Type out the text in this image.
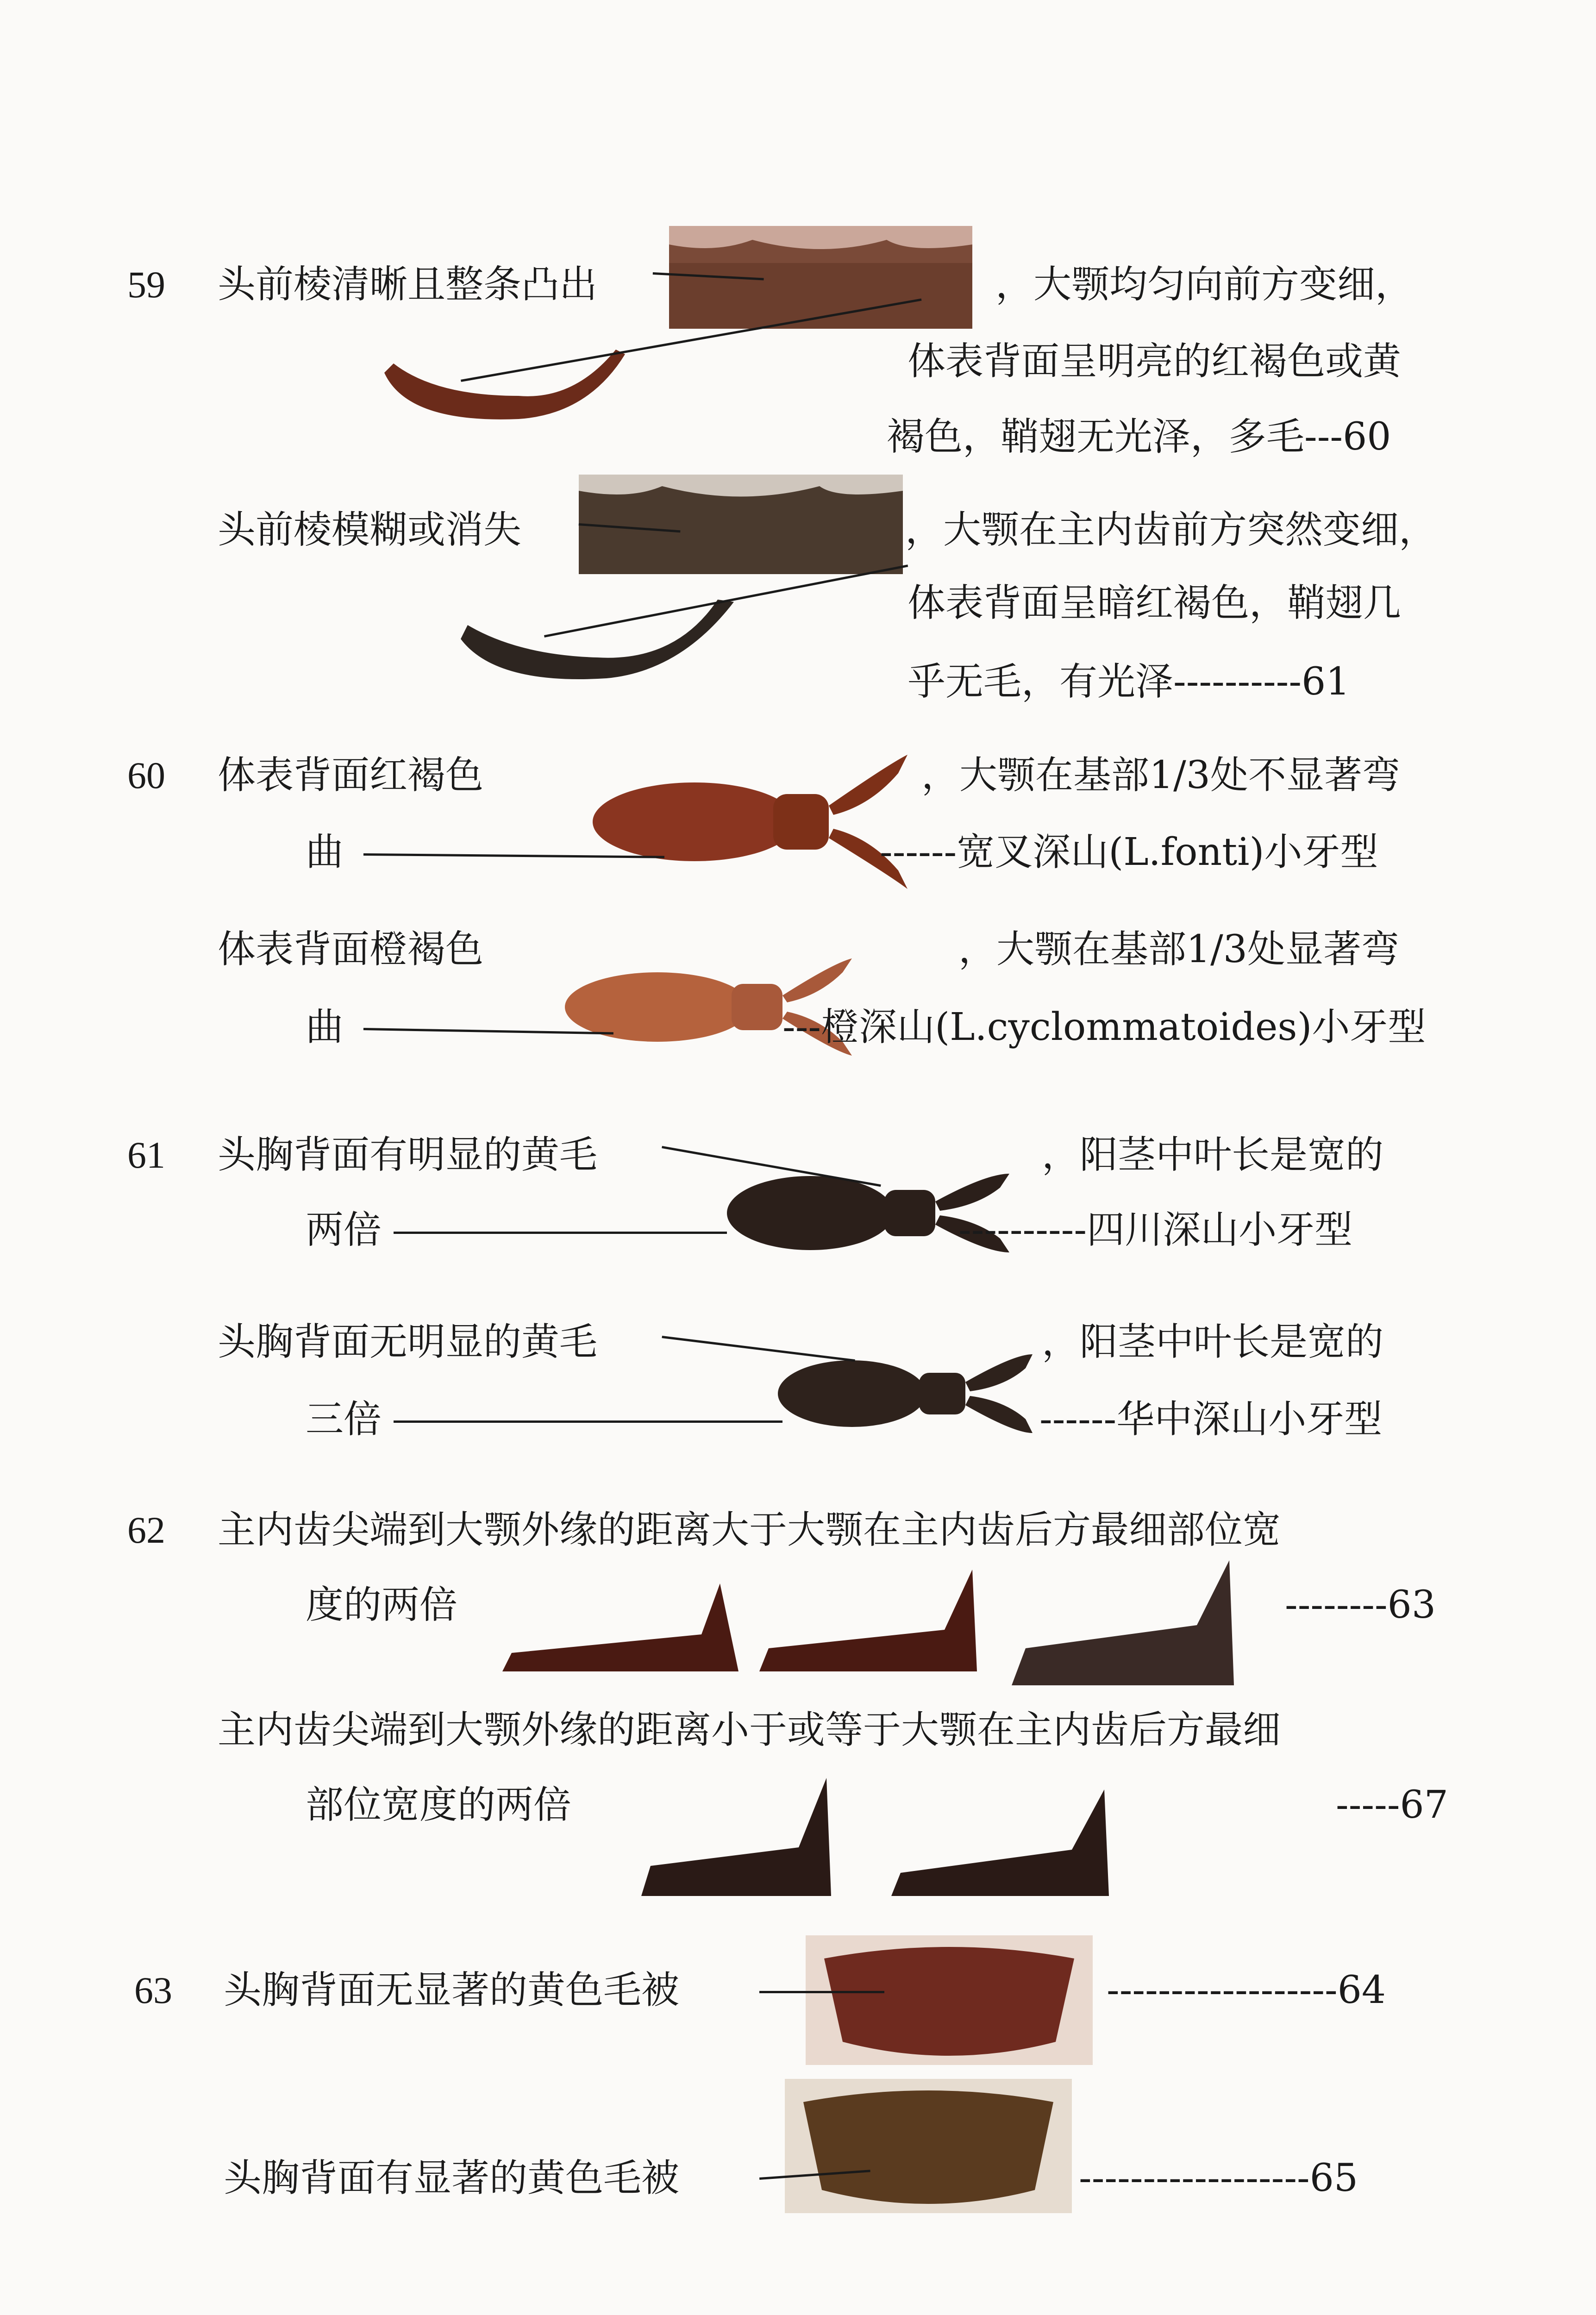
59 头前棱清晰且整条凸出	，大颚均匀向前方变细，
体表背面呈明亮的红褐色或黄
褐色，鞘翅无光泽，多毛---60
头前棱模糊或消失	，大颚在主内齿前方突然变细，
体表背面呈暗红褐色，鞘翅几
乎无毛，有光泽----------61
60 体表背面红褐色	，大颚在基部1/3处不显著弯
曲	------宽叉深山(L.fonti)小牙型
体表背面橙褐色	，大颚在基部1/3处显著弯
曲	---橙深山(L.cyclommatoides)小牙型
61 头胸背面有明显的黄毛	，阳茎中叶长是宽的
两倍	----------四川深山小牙型
头胸背面无明显的黄毛	，阳茎中叶长是宽的
三倍	------华中深山小牙型
62 主内齿尖端到大颚外缘的距离大于大颚在主内齿后方最细部位宽
度的两倍	--------63
主内齿尖端到大颚外缘的距离小于或等于大颚在主内齿后方最细
部位宽度的两倍	-----67
63 头胸背面无显著的黄色毛被	------------------64
头胸背面有显著的黄色毛被	------------------65
